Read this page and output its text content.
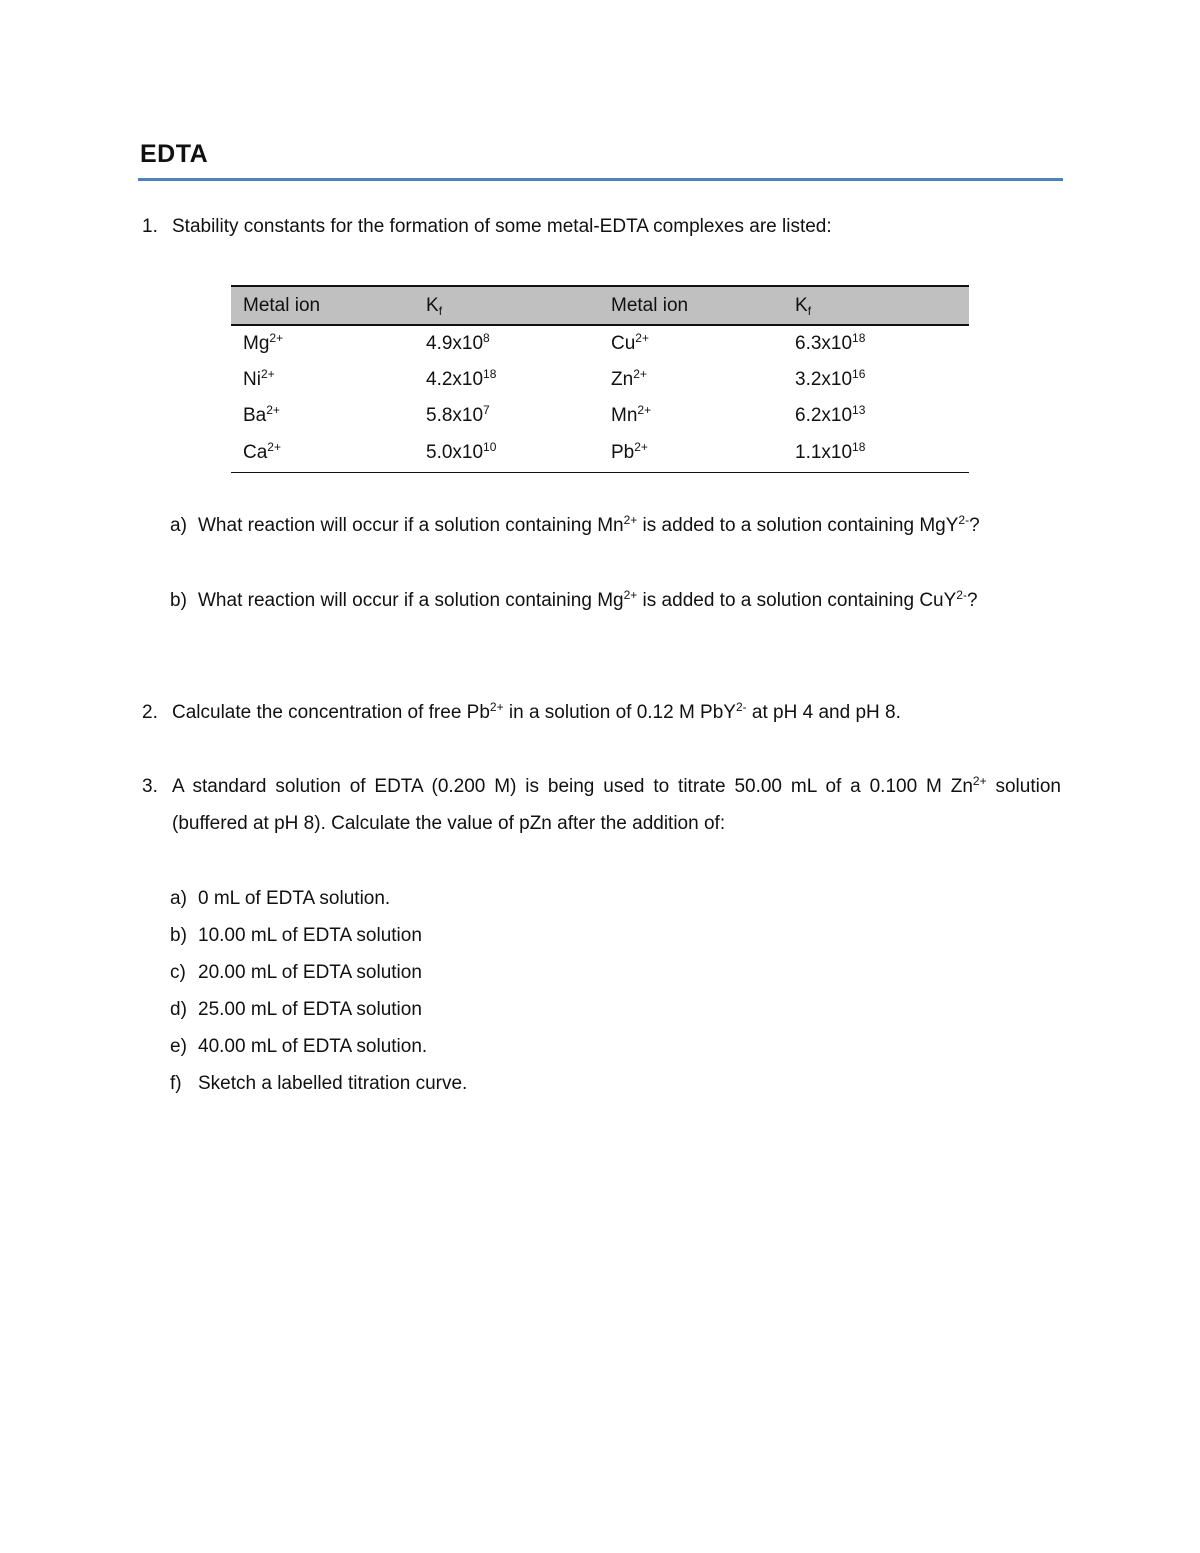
EDTA
1. Stability constants for the formation of some metal-EDTA complexes are listed:
Metal ion	$K_f$	Metal ion	$K_f$
$Mg^{2+}$	$4.9x10^8$	$Cu^{2+}$	$6.3x10^{18}$
$Ni^{2+}$	$4.2x10^{18}$	$Zn^{2+}$	$3.2x10^{16}$
$Ba^{2+}$	$5.8x10^7$	$Mn^{2+}$	$6.2x10^{13}$
$Ca^{2+}$	$5.0x10^{10}$	$Pb^{2+}$	$1.1x10^{18}$
a) What reaction will occur if a solution containing $Mn^{2+}$ is added to a solution containing MgY$^{2-}$?
b) What reaction will occur if a solution containing $Mg^{2+}$ is added to a solution containing CuY$^{2-}$?
2. Calculate the concentration of free $Pb^{2+}$ in a solution of 0.12 M PbY$^{2-}$ at pH 4 and pH 8.
3. A standard solution of EDTA (0.200 M) is being used to titrate 50.00 mL of a 0.100 M $Zn^{2+}$ solution (buffered at pH 8). Calculate the value of pZn after the addition of:
a) 0 mL of EDTA solution.
b) 10.00 mL of EDTA solution
c) 20.00 mL of EDTA solution
d) 25.00 mL of EDTA solution
e) 40.00 mL of EDTA solution.
f) Sketch a labelled titration curve.
